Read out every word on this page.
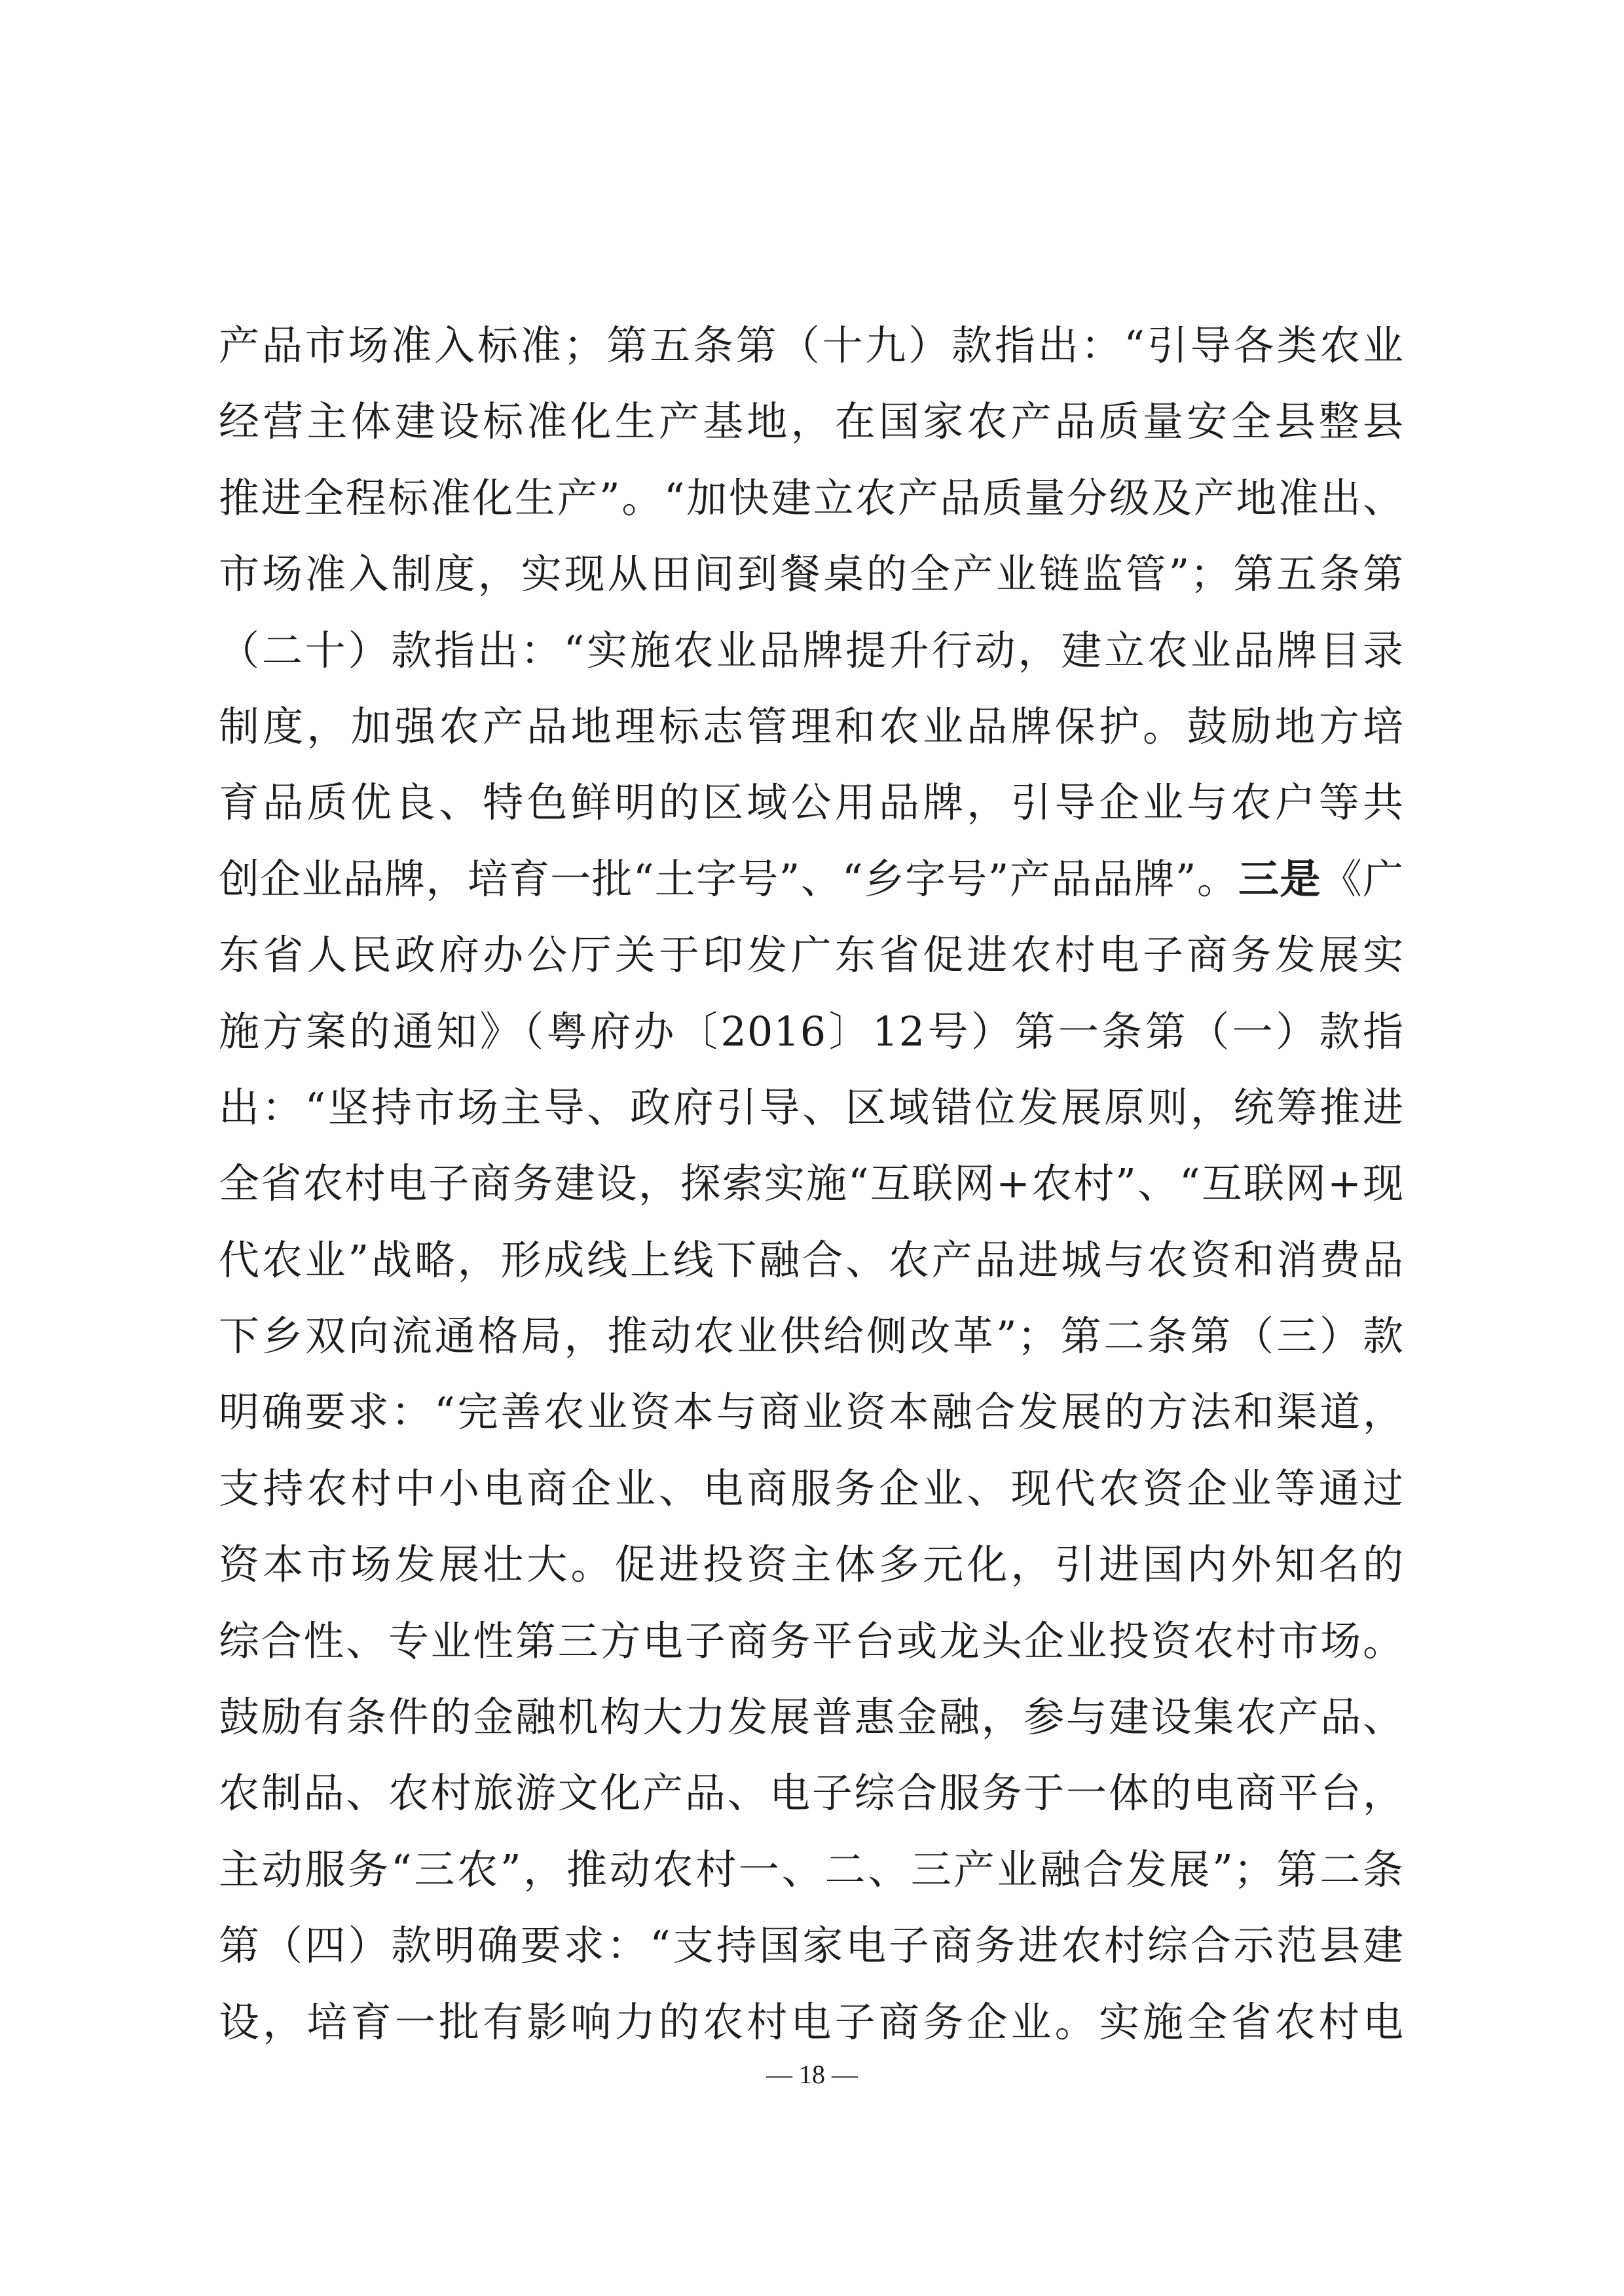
产品市场准入标准；第五条第（十九）款指出：“引导各类农业
经营主体建设标准化生产基地，在国家农产品质量安全县整县
推进全程标准化生产”。“加快建立农产品质量分级及产地准出、
市场准入制度，实现从田间到餐桌的全产业链监管”；第五条第
（二十）款指出：“实施农业品牌提升行动，建立农业品牌目录
制度，加强农产品地理标志管理和农业品牌保护。鼓励地方培
育品质优良、特色鲜明的区域公用品牌，引导企业与农户等共
创企业品牌，培育一批“土字号”、“乡字号”产品品牌”。三是《广
东省人民政府办公厅关于印发广东省促进农村电子商务发展实
施方案的通知》（粤府办〔2016〕12号）第一条第（一）款指
出：“坚持市场主导、政府引导、区域错位发展原则，统筹推进
全省农村电子商务建设，探索实施“互联网+农村”、“互联网+现
代农业”战略，形成线上线下融合、农产品进城与农资和消费品
下乡双向流通格局，推动农业供给侧改革”；第二条第（三）款
明确要求：“完善农业资本与商业资本融合发展的方法和渠道，
支持农村中小电商企业、电商服务企业、现代农资企业等通过
资本市场发展壮大。促进投资主体多元化，引进国内外知名的
综合性、专业性第三方电子商务平台或龙头企业投资农村市场。
鼓励有条件的金融机构大力发展普惠金融，参与建设集农产品、
农制品、农村旅游文化产品、电子综合服务于一体的电商平台，
主动服务“三农”，推动农村一、二、三产业融合发展”；第二条
第（四）款明确要求：“支持国家电子商务进农村综合示范县建
设，培育一批有影响力的农村电子商务企业。实施全省农村电
— 18 —
